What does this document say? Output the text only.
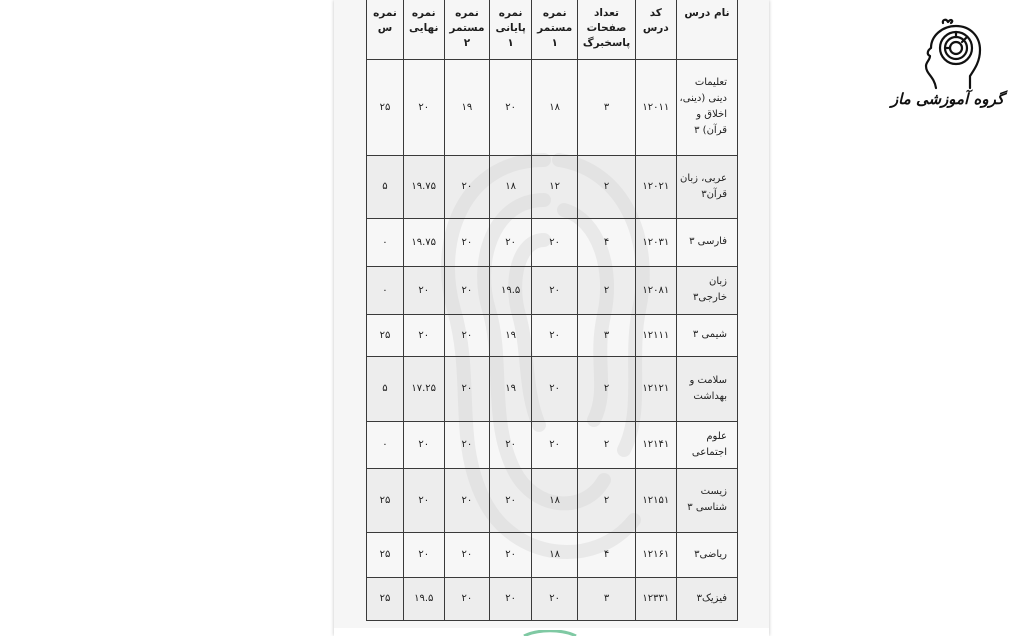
نام درس	کد درس	تعداد صفحات پاسخبرگ	نمره مستمر ۱	نمره پایانی ۱	نمره مستمر ۲	نمره نهایی	نمره س
تعلیمات دینی (دینی، اخلاق و قرآن) ۳	۱۲۰۱۱	۳	۱۸	۲۰	۱۹	۲۰	۲۵
عربی، زبان قرآن۳	۱۲۰۲۱	۲	۱۲	۱۸	۲۰	۱۹.۷۵	۵
فارسی ۳	۱۲۰۳۱	۴	۲۰	۲۰	۲۰	۱۹.۷۵	۰
زبان خارجی۳	۱۲۰۸۱	۲	۲۰	۱۹.۵	۲۰	۲۰	۰
شیمی ۳	۱۲۱۱۱	۳	۲۰	۱۹	۲۰	۲۰	۲۵
سلامت و بهداشت	۱۲۱۲۱	۲	۲۰	۱۹	۲۰	۱۷.۲۵	۵
علوم اجتماعی	۱۲۱۴۱	۲	۲۰	۲۰	۲۰	۲۰	۰
زیست شناسی ۳	۱۲۱۵۱	۲	۱۸	۲۰	۲۰	۲۰	۲۵
ریاضی۳	۱۲۱۶۱	۴	۱۸	۲۰	۲۰	۲۰	۲۵
فیزیک۳	۱۲۳۳۱	۳	۲۰	۲۰	۲۰	۱۹.۵	۲۵
گروه آموزشی ماز
